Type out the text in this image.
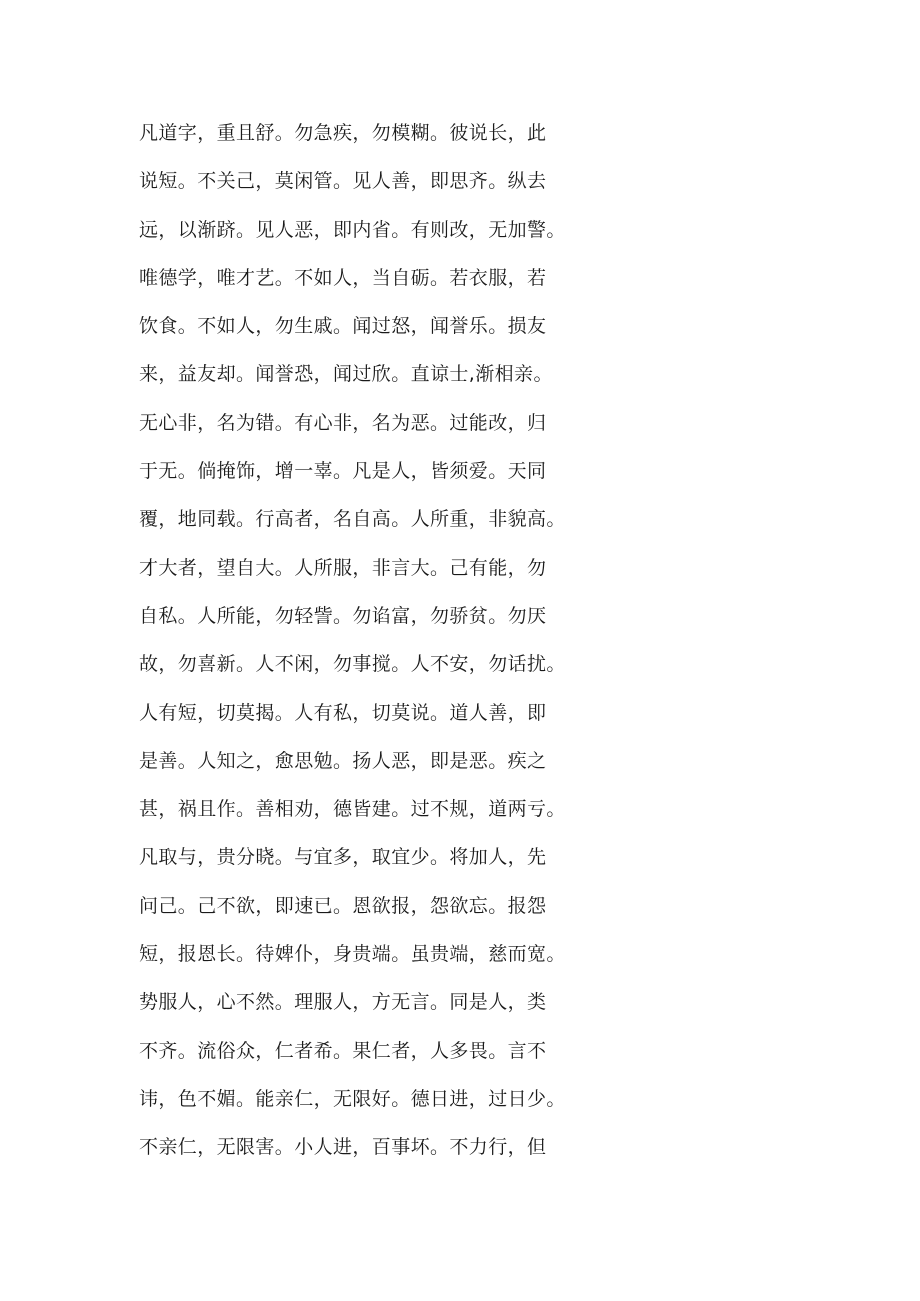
凡道字，重且舒。勿急疾，勿模糊。彼说长，此
说短。不关己，莫闲管。见人善，即思齐。纵去
远，以渐跻。见人恶，即内省。有则改，无加警。
唯德学，唯才艺。不如人，当自砺。若衣服，若
饮食。不如人，勿生戚。闻过怒，闻誉乐。损友
来，益友却。闻誉恐，闻过欣。直谅士,渐相亲。
无心非，名为错。有心非，名为恶。过能改，归
于无。倘掩饰，增一辜。凡是人，皆须爱。天同
覆，地同载。行高者，名自高。人所重，非貌高。
才大者，望自大。人所服，非言大。己有能，勿
自私。人所能，勿轻訾。勿谄富，勿骄贫。勿厌
故，勿喜新。人不闲，勿事搅。人不安，勿话扰。
人有短，切莫揭。人有私，切莫说。道人善，即
是善。人知之，愈思勉。扬人恶，即是恶。疾之
甚，祸且作。善相劝，德皆建。过不规，道两亏。
凡取与，贵分晓。与宜多，取宜少。将加人，先
问己。己不欲，即速已。恩欲报，怨欲忘。报怨
短，报恩长。待婢仆，身贵端。虽贵端，慈而宽。
势服人，心不然。理服人，方无言。同是人，类
不齐。流俗众，仁者希。果仁者，人多畏。言不
讳，色不媚。能亲仁，无限好。德日进，过日少。
不亲仁，无限害。小人进，百事坏。不力行，但
